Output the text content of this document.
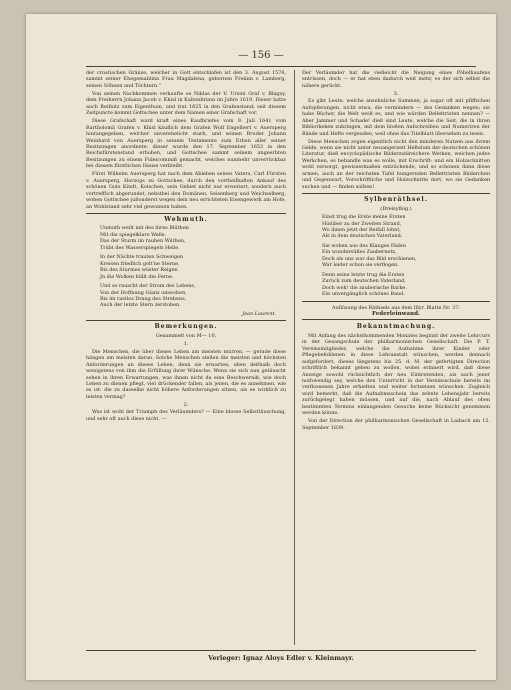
— 156 —

der croatischen Gränze, welcher in Gott entschlafen ist den 3. August 1576, sammt seiner Ehegemahlinn Frau Magdalena, gebornen Freiinn v. Lamberg, seinen Söhnen und Töchtern."

Von seinen Nachkommen verkaufte es Niklas der V. Ursini Graf v. Blagay, dem Freiherrn Johann Jacob v. Khisl in Kaltenbrunn im Jahre 1619. Dieser hatte auch Reifnitz zum Eigenthum, und trat 1625 in den Grafenstand; seit diesem Zeitpuncte kommt Gottschee unter dem Namen einer Grafschaft vor.

Diese Grafschaft ward kraft eines Kaufbriefes vom 9. Juli 1641 vom Bartholomä Grafen v. Khisl käuflich dem Grafen Wolf Engelbert v. Auersperg hintangegeben, welcher unverehelicht starb, und seinen Bruder Johann Weinhard von Auersperg in seinem Testamente zum Erben aller seiner Besitzungen anordnete; dieser wurde den 17. September 1653 in den Reichsfürstenstand erhoben, und Gottschee sammt seinem angeerbten Besitzungen zu einem Fideicommiß gemacht, welches nunmehr unverrückbar bei diesem fürstlichen Hause verbleibt.

Fürst Wilhelm Auersperg hat nach dem Ableben seines Vaters, Carl Fürsten v. Auersperg, Herzogs zu Gottschee, durch den vortheilhaften Ankauf des schönen Guts Kindt, Kotschen, sein Gebiet nicht nur erweitert, sondern auch vortrefflich abgerundet, nebstbei den Domänen, Seisenberg und Weichselberg, woben Gottschee jußonderst wegen dem neu errichteten Eisengewerk am Hofe, an Wohlstand sehr viel gewonnen haben.

Wehmuth.
Unmuth weilt mit des ihres Blüthen
Mit die spiegelklare Welle,
Das der Sturm im rauhen Wüthen,
Trübt des Wasserspiegels Helle.
In der Nächte trauten Schweigen
Kreisen friedlich golt'ne Sterne,
Bis des Sturmes wüster Reigen
Jn die Wolken hüllt die Ferne.
Und so rauscht der Strom des Lebens,
Von der Hoffnung Glanz umwoben,
Bis im rastlos Drang des Strebens,
Auch der letzte Stern zerstoben.
Jean Laurent.
Bemerkungen.
Gesammelt von M— 10,
1.

Die Menschen, die über dieses Leben am meisten murren, — gerade diese hängen am meisten daran. Solche Menschen stellen die meisten und höchsten Anforderungen an dieses Leben, denn sie erwarten, eben deßhalb doch wenigstens von ihm die Erfüllung ihrer Wünsche. Wenn sie sich nun getäuscht sehen in ihren Erwartungen, was ihnen nicht da eine Beschwerniß, wie doch Leben zu dienen pflegt, viel drückender fallen, als jenen, die es annehmen, wie es ist: die zu dasselbe nicht höhere Anforderungen sitzen, als es wirklich zu leisten vermag?

2.

Was ist wohl der Triumph des Verläumders? — Eine blosse Selbsttäuschung, und sehr oft auch diese nicht. —

Der Verläumder hat die vielleicht die Neigung eines Pöbelhaufens entrissen, doch — er hat eben dadurch weit mehr, es der sich selbst die nähere gerückt.

3.

Es gibt Leute, welche ansehnliche Summen, ja sogar oft mit pfiffschen Aufopferungen, nicht etwa, die vermindern — des Gedanken wegen; sie habe Bücher, die Welt weiß es, und wie würden Bellettristen nennen? — Aber Jammer und Schade! dieß sind Leute, welche die Seit, die in ihren Bibliotheken zubringen, mit dem bloßen Aufschreiben und Numeriren der Bände und Hefte vergeuden, weil ohne das Titelblatt übersehen zu lesen.

Diese Menschen zogen eigentlich nicht den minderen Nutzen aus ihrem Gelde, wenn sie nicht unter neuangerzeit Heftelum der deutschen schönen Literatur, dieß encyclopädische Bilderzahlreichere Werken, welchen jedes Werkchen, es behandle was es wolle, mit Erschrift- und ein Holzschnitten wohl versorgt, gewissermaßen entzückende, und so schonen dann diese armen, auch an der reichsten Tafel hungernden Bellettristen Bilderchen und Gegenwart, Vorschriftliche und Holzschnitte dort, wo sie Gedanken suchen und — finden sollten!

Sylbenräthsel.
(Dreisylbig.)
Einst trug die Erste meine Ersten
Hinüber zu der Zweiten Strand,
Wo ihnen jetzt der Beifall lohnt,
Als in dem deutschen Vaterland.
Sie woben aus des Klanges Fäden
Ein wundersüßes Zaubernetz,
Doch als uns war das Bild erschienen,
War leider schon sie verflogen.
Denn seine letzte trug die Ersten
Zurück zum deutschen Vaterland,
Doch weh! die zauberische Barke,
Ein unvergänglich schönes Band.
Auflösung des Räthsels aus dem Illyr. Blatte Nr. 37:
Federleinwand.
Bekanntmachung.

Mit Anfang des nächstkommenden Monates beginnt der zweite Lehrcurs in der Gesangschule der philharmonischen Gesellschaft. Die P. T. Vereinsmitglieder, welche die Aufnahme ihrer Kinder oder Pflegebefohlenen in diese Lehranstalt wünschen, werden dennach aufgefordert, dieses längstens bis 25. d. M. der gefertigten Direction schriftlich bekannt geben zu wollen, wobei erinnert wird, daß diese Anzeige sowohl rücksichtlich der neu Eintretenden, als auch jener nothwendig sey, welche den Unterricht in der Vereinsschule bereits im verflossenen Jahre erhielten und weiter fortsetzen wünschen. Zugleich wird bemerkt, daß die Aufnahmsschein das zehnte Lebensjahr bereits zurückgelegt haben müssen, und auf die, nach Ablauf des oben bestimmten Termins einlangenden Gesuche keine Rücksicht genommen werden könne.

Von der Direction der philharmonischen Gesellschaft in Laibach am 12. September 1839.

Verleger: Ignaz Aloys Edler v. Kleinmayr.
